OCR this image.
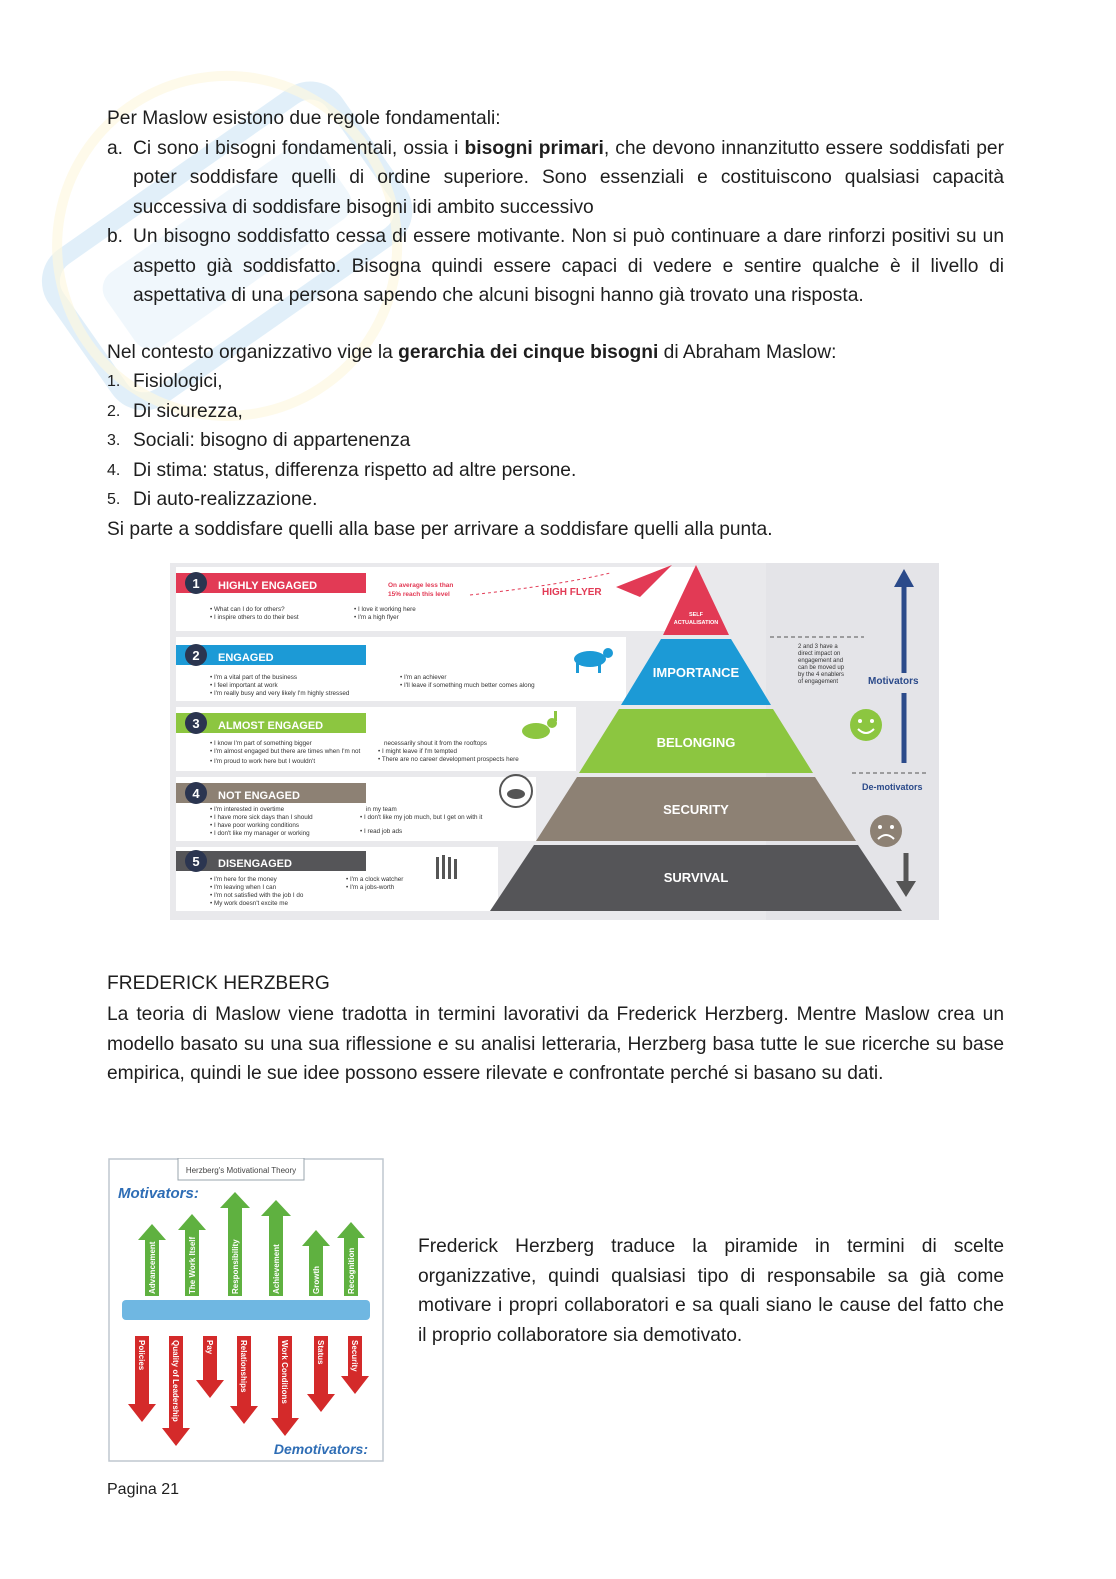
Per Maslow esistono due regole fondamentali:

a. Ci sono i bisogni fondamentali, ossia i bisogni primari, che devono innanzitutto essere soddisfati per poter soddisfare quelli di ordine superiore. Sono essenziali e costituiscono qualsiasi capacità successiva di soddisfare bisogni idi ambito successivo
b. Un bisogno soddisfatto cessa di essere motivante. Non si può continuare a dare rinforzi positivi su un aspetto già soddisfatto. Bisogna quindi essere capaci di vedere e sentire qualche è il livello di aspettativa di una persona sapendo che alcuni bisogni hanno già trovato una risposta.

Nel contesto organizzativo vige la gerarchia dei cinque bisogni di Abraham Maslow:

1. Fisiologici,
2. Di sicurezza,
3. Sociali: bisogno di appartenenza
4. Di stima: status, differenza rispetto ad altre persone.
5. Di auto-realizzazione.

Si parte a soddisfare quelli alla base per arrivare a soddisfare quelli alla punta.

1 HIGHLY ENGAGED	On average less than
15% reach this level	HIGH FLYER
• What can I do for others?
• I inspire others to do their best
• I love it working here
• I'm a high flyer
2 ENGAGED
• I'm a vital part of the business
• I feel important at work
• I'm really busy and very likely I'm highly stressed
• I'm an achiever
• I'll leave if something much better comes along
3 ALMOST ENGAGED
• I know I'm part of something bigger
• I'm almost engaged but there are times when I'm not
• I'm proud to work here but I wouldn't
necessarily shout it from the rooftops
• I might leave if I'm tempted
• There are no career development prospects here
4 NOT ENGAGED
• I'm interested in overtime
• I have more sick days than I should
• I have poor working conditions
• I don't like my manager or working
in my team
• I don't like my job much, but I get on with it
• I read job ads
5 DISENGAGED
• I'm here for the money
• I'm leaving when I can
• I'm not satisfied with the job I do
• My work doesn't excite me
• I'm a clock watcher
• I'm a jobs-worth
SELF
ACTUALISATION
IMPORTANCE
BELONGING
SECURITY
SURVIVAL
2 and 3 have a
direct impact on
engagement and
can be moved up
by the 4 enablers
of engagement	Motivators
De-motivators
FREDERICK HERZBERG
La teoria di Maslow viene tradotta in termini lavorativi da Frederick Herzberg. Mentre Maslow crea un modello basato su una sua riflessione e su analisi letteraria, Herzberg basa tutte le sue ricerche su base empirica, quindi le sue idee possono essere rilevate e confrontate perché si basano su dati.
Herzberg's Motivational Theory
Motivators:
Advancement	The Work Itself	Responsibility	Achievement	Growth	Recognition
Policies	Quality of Leadership	Pay	Relationships	Work Conditions	Status	Security
Demotivators:
Frederick Herzberg traduce la piramide in termini di scelte organizzative, quindi qualsiasi tipo di responsabile sa già come motivare i propri collaboratori e sa quali siano le cause del fatto che il proprio collaboratore sia demotivato.
Pagina 21
